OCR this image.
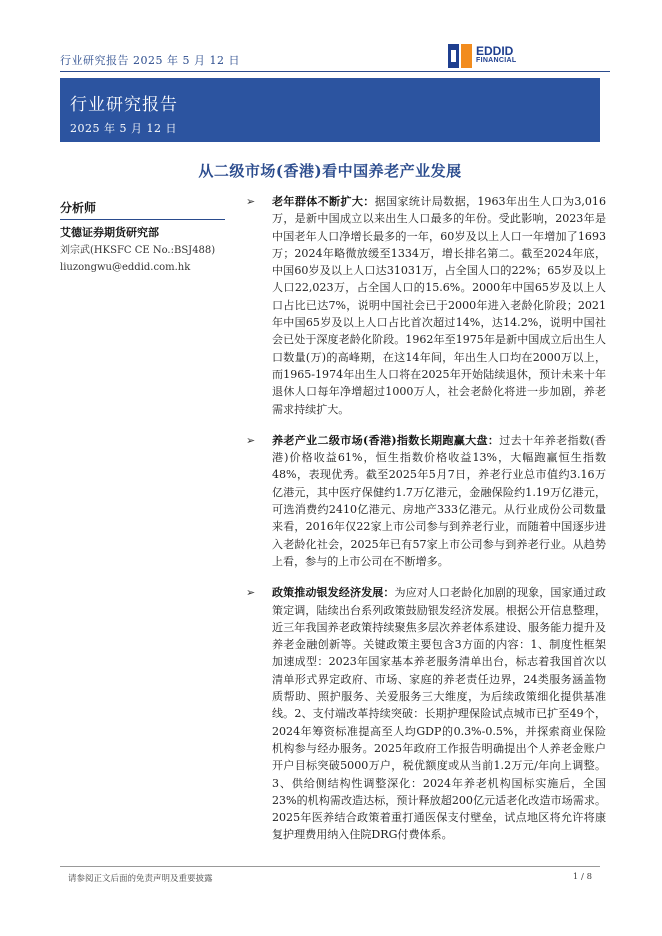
行业研究报告 2025 年 5 月 12 日
EDDID
FINANCIAL
行业研究报告
2025 年 5 月 12 日
从二级市场(香港)看中国养老产业发展
分析师
艾德证券期货研究部
刘宗武(HKSFC CE No.:BSJ488)
liuzongwu@eddid.com.hk
➢ 老年群体不断扩大：据国家统计局数据，1963年出生人口为3,016万，是新中国成立以来出生人口最多的年份。受此影响，2023年是中国老年人口净增长最多的一年，60岁及以上人口一年增加了1693万；2024年略微放缓至1334万，增长排名第二。截至2024年底，中国60岁及以上人口达31031万，占全国人口的22%；65岁及以上人口22,023万，占全国人口的15.6%。2000年中国65岁及以上人口占比已达7%，说明中国社会已于2000年进入老龄化阶段；2021年中国65岁及以上人口占比首次超过14%，达14.2%，说明中国社会已处于深度老龄化阶段。1962年至1975年是新中国成立后出生人口数量(万)的高峰期，在这14年间，年出生人口均在2000万以上，而1965-1974年出生人口将在2025年开始陆续退休，预计未来十年退休人口每年净增超过1000万人，社会老龄化将进一步加剧，养老需求持续扩大。

➢ 养老产业二级市场(香港)指数长期跑赢大盘：过去十年养老指数(香港)价格收益61%，恒生指数价格收益13%，大幅跑赢恒生指数48%，表现优秀。截至2025年5月7日，养老行业总市值约3.16万亿港元，其中医疗保健约1.7万亿港元，金融保险约1.19万亿港元，可选消费约2410亿港元、房地产333亿港元。从行业成份公司数量来看，2016年仅22家上市公司参与到养老行业，而随着中国逐步进入老龄化社会，2025年已有57家上市公司参与到养老行业。从趋势上看，参与的上市公司在不断增多。

➢ 政策推动银发经济发展：为应对人口老龄化加剧的现象，国家通过政策定调，陆续出台系列政策鼓励银发经济发展。根据公开信息整理，近三年我国养老政策持续聚焦多层次养老体系建设、服务能力提升及养老金融创新等。关键政策主要包含3方面的内容：1、制度性框架加速成型：2023年国家基本养老服务清单出台，标志着我国首次以清单形式界定政府、市场、家庭的养老责任边界，24类服务涵盖物质帮助、照护服务、关爱服务三大维度，为后续政策细化提供基准线。2、支付端改革持续突破：长期护理保险试点城市已扩至49个，2024年筹资标准提高至人均GDP的0.3%-0.5%，并探索商业保险机构参与经办服务。2025年政府工作报告明确提出个人养老金账户开户目标突破5000万户，税优额度或从当前1.2万元/年向上调整。3、供给侧结构性调整深化：2024年养老机构国标实施后，全国23%的机构需改造达标，预计释放超200亿元适老化改造市场需求。2025年医养结合政策着重打通医保支付壁垒，试点地区将允许将康复护理费用纳入住院DRG付费体系。

请参阅正文后面的免责声明及重要披露	1 / 8
